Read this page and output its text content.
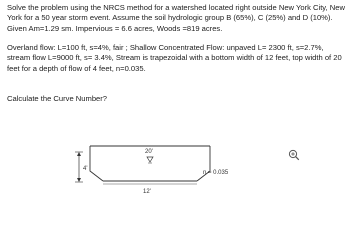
Solve the problem using the NRCS method for a watershed located right outside New York City, New York for a 50 year storm event. Assume the soil hydrologic group B (65%), C (25%) and D (10%). Given Am=1.29 sm. Impervious = 6.6 acres, Woods =819 acres.

Overland flow: L=100 ft, s=4%, fair ; Shallow Concentrated Flow: unpaved L= 2300 ft, s=2.7%, stream flow L=9000 ft, s= 3.4%, Stream is trapezoidal with a bottom width of 12 feet, top width of 20 feet for a depth of flow of 4 feet, n=0.035.

Calculate the Curve Number?

20'
12'
4'
n = 0.035
